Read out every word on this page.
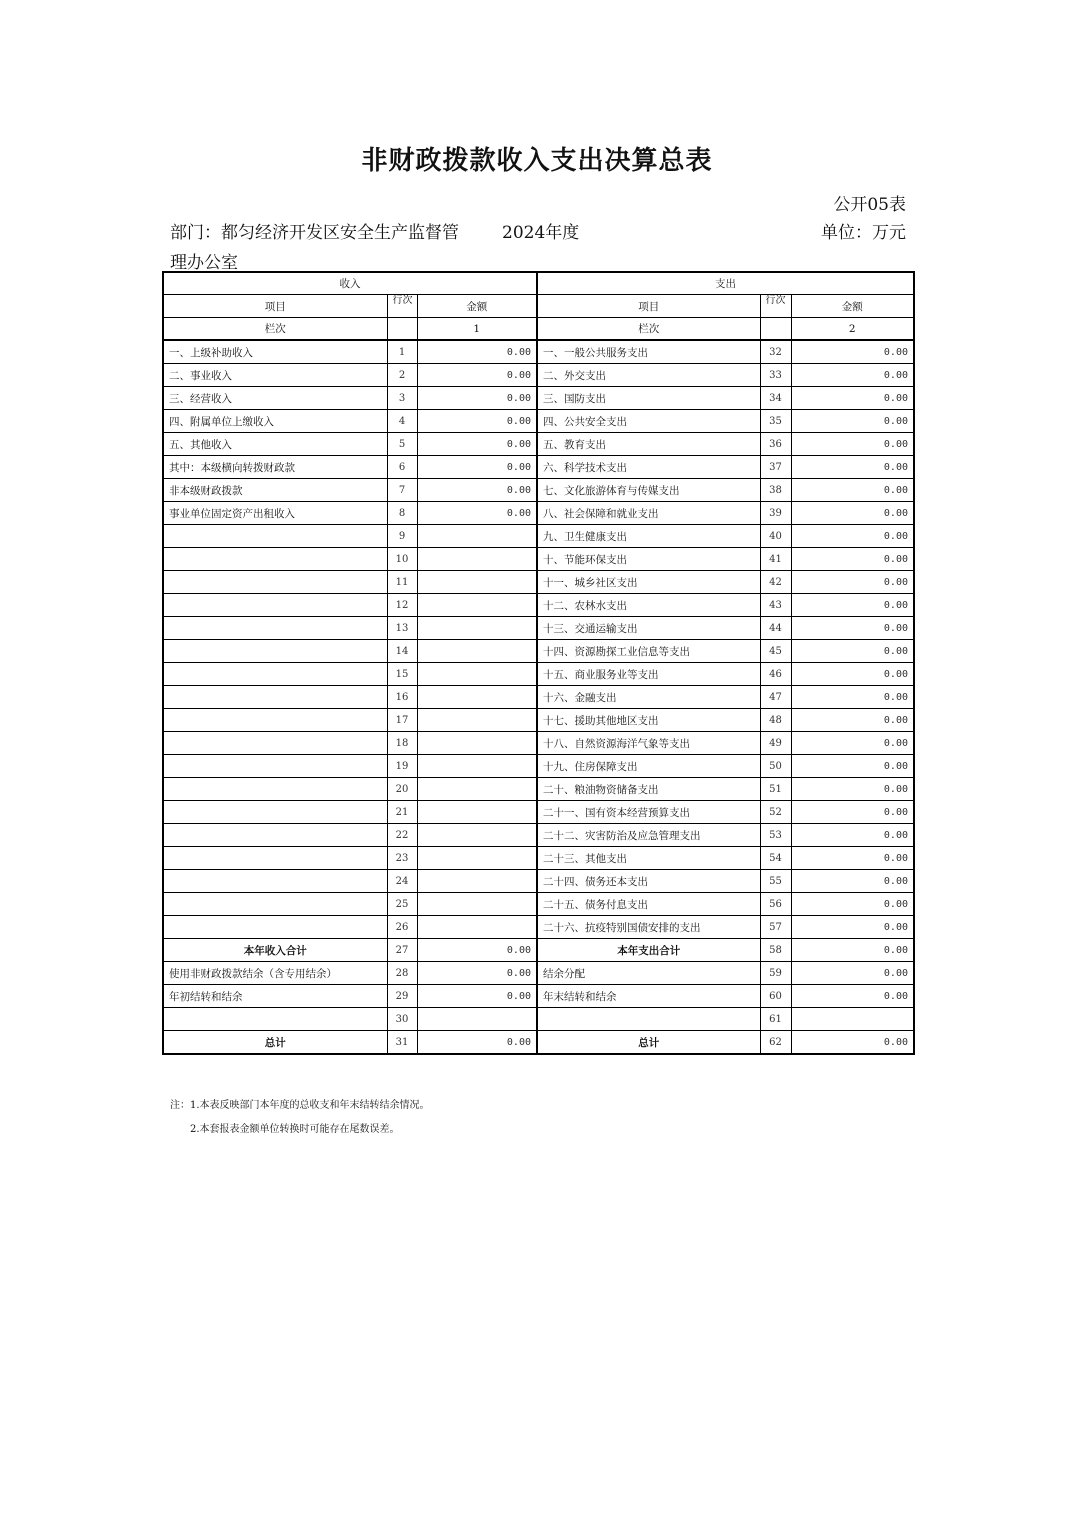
非财政拨款收入支出决算总表
公开05表
部门：都匀经济开发区安全生产监督管理办公室
2024年度	单位：万元
收入			支出		
项目	行次	金额	项目	行次	金额
栏次		1	栏次		2
一、上级补助收入	1	0.00	一、一般公共服务支出	32	0.00
二、事业收入	2	0.00	二、外交支出	33	0.00
三、经营收入	3	0.00	三、国防支出	34	0.00
四、附属单位上缴收入	4	0.00	四、公共安全支出	35	0.00
五、其他收入	5	0.00	五、教育支出	36	0.00
其中：本级横向转拨财政款	6	0.00	六、科学技术支出	37	0.00
非本级财政拨款	7	0.00	七、文化旅游体育与传媒支出	38	0.00
事业单位固定资产出租收入	8	0.00	八、社会保障和就业支出	39	0.00
	9		九、卫生健康支出	40	0.00
	10		十、节能环保支出	41	0.00
	11		十一、城乡社区支出	42	0.00
	12		十二、农林水支出	43	0.00
	13		十三、交通运输支出	44	0.00
	14		十四、资源勘探工业信息等支出	45	0.00
	15		十五、商业服务业等支出	46	0.00
	16		十六、金融支出	47	0.00
	17		十七、援助其他地区支出	48	0.00
	18		十八、自然资源海洋气象等支出	49	0.00
	19		十九、住房保障支出	50	0.00
	20		二十、粮油物资储备支出	51	0.00
	21		二十一、国有资本经营预算支出	52	0.00
	22		二十二、灾害防治及应急管理支出	53	0.00
	23		二十三、其他支出	54	0.00
	24		二十四、债务还本支出	55	0.00
	25		二十五、债务付息支出	56	0.00
	26		二十六、抗疫特别国债安排的支出	57	0.00
本年收入合计	27	0.00	本年支出合计	58	0.00
使用非财政拨款结余（含专用结余）	28	0.00	结余分配	59	0.00
年初结转和结余	29	0.00	年末结转和结余	60	0.00
	30			61	
总计	31	0.00	总计	62	0.00
注：1.本表反映部门本年度的总收支和年末结转结余情况。
2.本套报表金额单位转换时可能存在尾数误差。
